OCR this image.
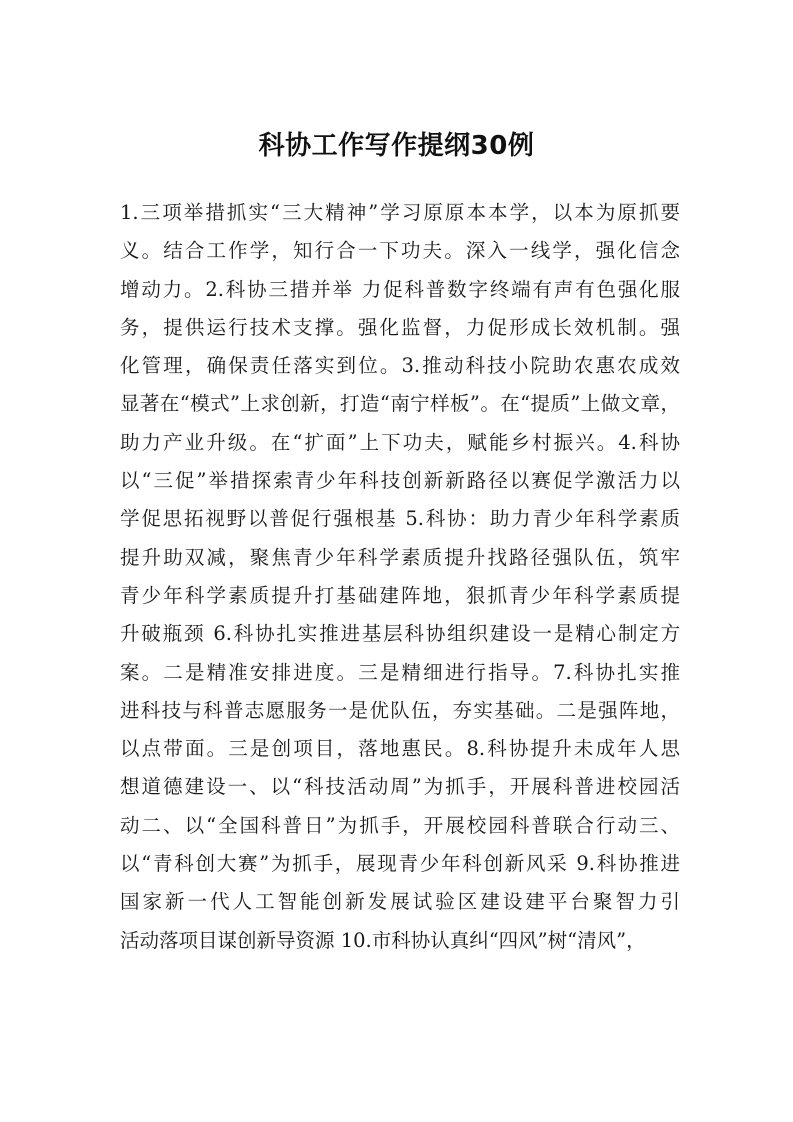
科协工作写作提纲30例
1.三项举措抓实“三大精神”学习原原本本学，以本为原抓要
义。结合工作学，知行合一下功夫。深入一线学，强化信念
增动力。2.科协三措并举 力促科普数字终端有声有色强化服
务，提供运行技术支撑。强化监督，力促形成长效机制。强
化管理，确保责任落实到位。3.推动科技小院助农惠农成效
显著在“模式”上求创新，打造“南宁样板”。在“提质”上做文章，
助力产业升级。在“扩面”上下功夫，赋能乡村振兴。4.科协
以“三促”举措探索青少年科技创新新路径以赛促学激活力以
学促思拓视野以普促行强根基 5.科协：助力青少年科学素质
提升助双减，聚焦青少年科学素质提升找路径强队伍，筑牢
青少年科学素质提升打基础建阵地，狠抓青少年科学素质提
升破瓶颈 6.科协扎实推进基层科协组织建设一是精心制定方
案。二是精准安排进度。三是精细进行指导。7.科协扎实推
进科技与科普志愿服务一是优队伍，夯实基础。二是强阵地，
以点带面。三是创项目，落地惠民。8.科协提升未成年人思
想道德建设一、以“科技活动周”为抓手，开展科普进校园活
动二、以“全国科普日”为抓手，开展校园科普联合行动三、
以“青科创大赛”为抓手，展现青少年科创新风采 9.科协推进
国家新一代人工智能创新发展试验区建设建平台聚智力引
活动落项目谋创新导资源 10.市科协认真纠“四风”树“清风”，
